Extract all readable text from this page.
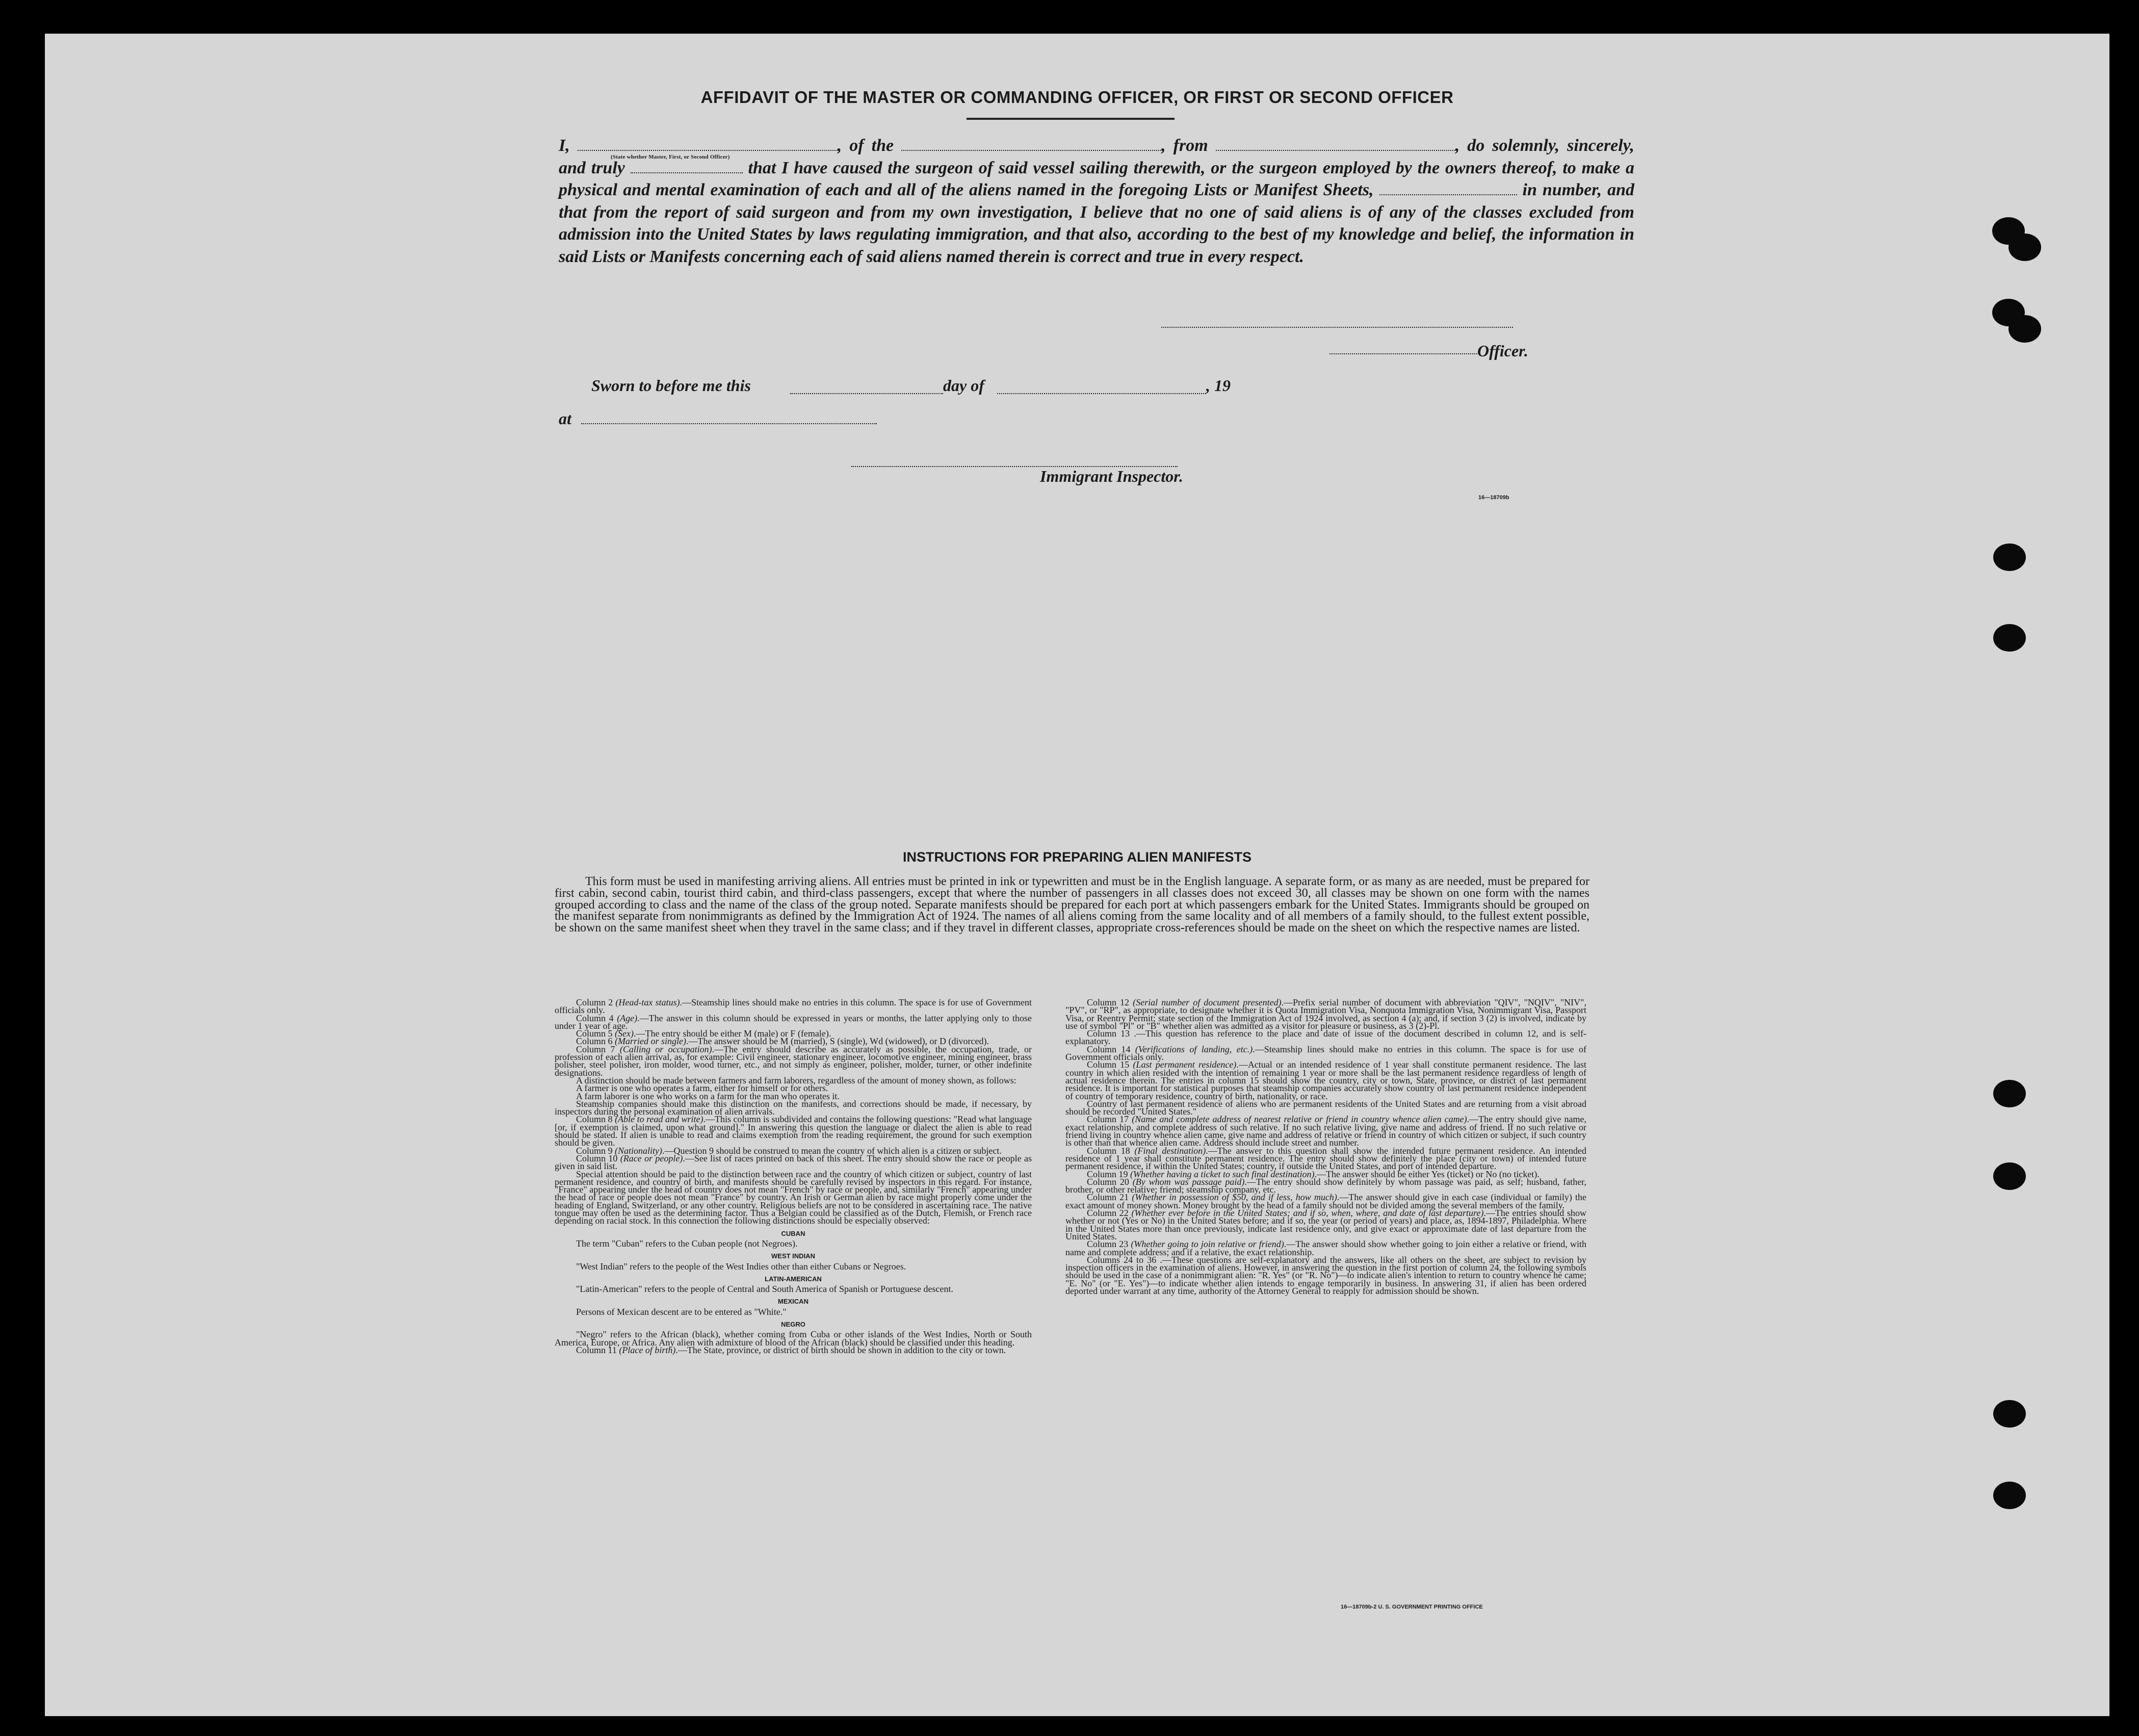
AFFIDAVIT OF THE MASTER OR COMMANDING OFFICER, OR FIRST OR SECOND OFFICER
I,	, of the	, from	, do solemnly, sincerely, and truly	that I have caused the surgeon of said vessel sailing therewith, or the surgeon employed by the owners thereof, to make a physical and mental examination of each and all of the aliens named in the foregoing Lists or Manifest Sheets,	in number, and that from the report of said surgeon and from my own investigation, I believe that no one of said aliens is of any of the classes excluded from admission into the United States by laws regulating immigration, and that also, according to the best of my knowledge and belief, the information in said Lists or Manifests concerning each of said aliens named therein is correct and true in every respect.
(State whether Master, First, or Second Officer)
Officer.
Sworn to before me this	day of	, 19
at
Immigrant Inspector.
16—18709b
INSTRUCTIONS FOR PREPARING ALIEN MANIFESTS
This form must be used in manifesting arriving aliens. All entries must be printed in ink or typewritten and must be in the English language. A separate form, or as many as are needed, must be prepared for first cabin, second cabin, tourist third cabin, and third-class passengers, except that where the number of passengers in all classes does not exceed 30, all classes may be shown on one form with the names grouped according to class and the name of the class of the group noted. Separate manifests should be prepared for each port at which passengers embark for the United States. Immigrants should be grouped on the manifest separate from nonimmigrants as defined by the Immigration Act of 1924. The names of all aliens coming from the same locality and of all members of a family should, to the fullest extent possible, be shown on the same manifest sheet when they travel in the same class; and if they travel in different classes, appropriate cross-references should be made on the sheet on which the respective names are listed.

Column 2 (Head-tax status).—Steamship lines should make no entries in this column. The space is for use of Government officials only.

Column 4 (Age).—The answer in this column should be expressed in years or months, the latter applying only to those under 1 year of age.

Column 5 (Sex).—The entry should be either M (male) or F (female).

Column 6 (Married or single).—The answer should be M (married), S (single), Wd (widowed), or D (divorced).

Column 7 (Calling or occupation).—The entry should describe as accurately as possible, the occupation, trade, or profession of each alien arrival, as, for example: Civil engineer, stationary engineer, locomotive engineer, mining engineer, brass polisher, steel polisher, iron molder, wood turner, etc., and not simply as engineer, polisher, molder, turner, or other indefinite designations.

A distinction should be made between farmers and farm laborers, regardless of the amount of money shown, as follows:

A farmer is one who operates a farm, either for himself or for others.

A farm laborer is one who works on a farm for the man who operates it.

Steamship companies should make this distinction on the manifests, and corrections should be made, if necessary, by inspectors during the personal examination of alien arrivals.

Column 8 (Able to read and write).—This column is subdivided and contains the following questions: "Read what language [or, if exemption is claimed, upon what ground]." In answering this question the language or dialect the alien is able to read should be stated. If alien is unable to read and claims exemption from the reading requirement, the ground for such exemption should be given.

Column 9 (Nationality).—Question 9 should be construed to mean the country of which alien is a citizen or subject.

Column 10 (Race or people).—See list of races printed on back of this sheet. The entry should show the race or people as given in said list.

Special attention should be paid to the distinction between race and the country of which citizen or subject, country of last permanent residence, and country of birth, and manifests should be carefully revised by inspectors in this regard. For instance, "France" appearing under the head of country does not mean "French" by race or people, and, similarly "French" appearing under the head of race or people does not mean "France" by country. An Irish or German alien by race might properly come under the heading of England, Switzerland, or any other country. Religious beliefs are not to be considered in ascertaining race. The native tongue may often be used as the determining factor. Thus a Belgian could be classified as of the Dutch, Flemish, or French race depending on racial stock. In this connection the following distinctions should be especially observed:

CUBAN

The term "Cuban" refers to the Cuban people (not Negroes).

WEST INDIAN

"West Indian" refers to the people of the West Indies other than either Cubans or Negroes.

LATIN-AMERICAN

"Latin-American" refers to the people of Central and South America of Spanish or Portuguese descent.

MEXICAN

Persons of Mexican descent are to be entered as "White."

NEGRO

"Negro" refers to the African (black), whether coming from Cuba or other islands of the West Indies, North or South America, Europe, or Africa. Any alien with admixture of blood of the African (black) should be classified under this heading.

Column 11 (Place of birth).—The State, province, or district of birth should be shown in addition to the city or town.

Column 12 (Serial number of document presented).—Prefix serial number of document with abbreviation "QIV", "NQIV", "NIV", "PV", or "RP", as appropriate, to designate whether it is Quota Immigration Visa, Nonquota Immigration Visa, Nonimmigrant Visa, Passport Visa, or Reentry Permit; state section of the Immigration Act of 1924 involved, as section 4 (a); and, if section 3 (2) is involved, indicate by use of symbol "Pl" or "B" whether alien was admitted as a visitor for pleasure or business, as 3 (2)-Pl.

Column 13 .—This question has reference to the place and date of issue of the document described in column 12, and is self-explanatory.

Column 14 (Verifications of landing, etc.).—Steamship lines should make no entries in this column. The space is for use of Government officials only.

Column 15 (Last permanent residence).—Actual or an intended residence of 1 year shall constitute permanent residence. The last country in which alien resided with the intention of remaining 1 year or more shall be the last permanent residence regardless of length of actual residence therein. The entries in column 15 should show the country, city or town, State, province, or district of last permanent residence. It is important for statistical purposes that steamship companies accurately show country of last permanent residence independent of country of temporary residence, country of birth, nationality, or race.

Country of last permanent residence of aliens who are permanent residents of the United States and are returning from a visit abroad should be recorded "United States."

Column 17 (Name and complete address of nearest relative or friend in country whence alien came).—The entry should give name, exact relationship, and complete address of such relative. If no such relative living, give name and address of friend. If no such relative or friend living in country whence alien came, give name and address of relative or friend in country of which citizen or subject, if such country is other than that whence alien came. Address should include street and number.

Column 18 (Final destination).—The answer to this question shall show the intended future permanent residence. An intended residence of 1 year shall constitute permanent residence. The entry should show definitely the place (city or town) of intended future permanent residence, if within the United States; country, if outside the United States, and port of intended departure.

Column 19 (Whether having a ticket to such final destination).—The answer should be either Yes (ticket) or No (no ticket).

Column 20 (By whom was passage paid).—The entry should show definitely by whom passage was paid, as self; husband, father, brother, or other relative; friend; steamship company, etc.

Column 21 (Whether in possession of $50, and if less, how much).—The answer should give in each case (individual or family) the exact amount of money shown. Money brought by the head of a family should not be divided among the several members of the family.

Column 22 (Whether ever before in the United States; and if so, when, where, and date of last departure).—The entries should show whether or not (Yes or No) in the United States before; and if so, the year (or period of years) and place, as, 1894-1897, Philadelphia. Where in the United States more than once previously, indicate last residence only, and give exact or approximate date of last departure from the United States.

Column 23 (Whether going to join relative or friend).—The answer should show whether going to join either a relative or friend, with name and complete address; and if a relative, the exact relationship.

Columns 24 to 36 .—These questions are self-explanatory and the answers, like all others on the sheet, are subject to revision by inspection officers in the examination of aliens. However, in answering the question in the first portion of column 24, the following symbols should be used in the case of a nonimmigrant alien: "R. Yes" (or "R. No")—to indicate alien's intention to return to country whence he came; "E. No" (or "E. Yes")—to indicate whether alien intends to engage temporarily in business. In answering 31, if alien has been ordered deported under warrant at any time, authority of the Attorney General to reapply for admission should be shown.

16—18709b-2 U. S. GOVERNMENT PRINTING OFFICE
